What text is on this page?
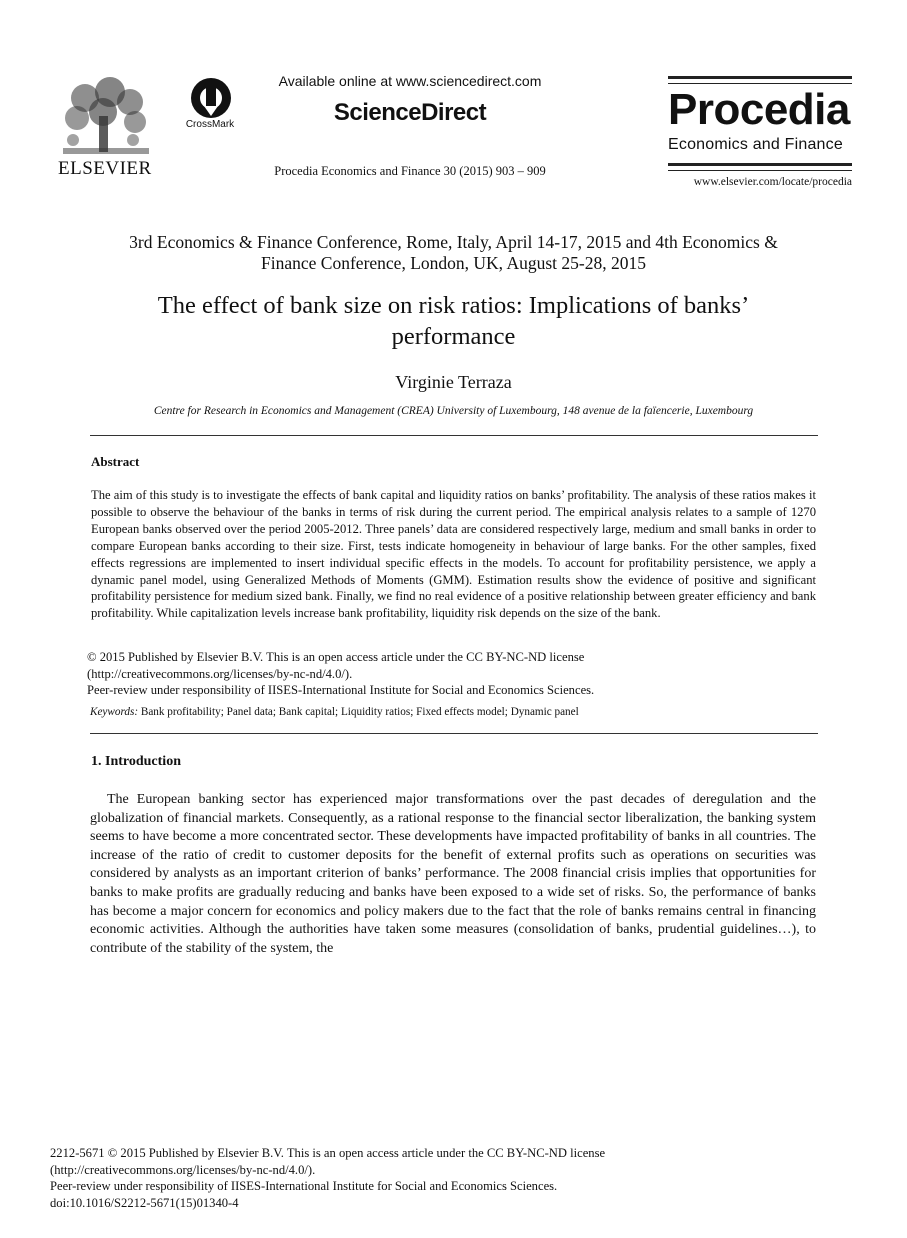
ELSEVIER
CrossMark
Available online at www.sciencedirect.com
ScienceDirect
Procedia Economics and Finance 30 (2015) 903 – 909
Procedia
Economics and Finance
www.elsevier.com/locate/procedia
3rd Economics & Finance Conference, Rome, Italy, April 14-17, 2015 and 4th Economics &
Finance Conference, London, UK, August 25-28, 2015
The effect of bank size on risk ratios: Implications of banks’
performance
Virginie Terraza
Centre for Research in Economics and Management (CREA) University of Luxembourg, 148 avenue de la faïencerie, Luxembourg
Abstract
The aim of this study is to investigate the effects of bank capital and liquidity ratios on banks’ profitability. The analysis of these ratios makes it possible to observe the behaviour of the banks in terms of risk during the current period. The empirical analysis relates to a sample of 1270 European banks observed over the period 2005-2012. Three panels’ data are considered respectively large, medium and small banks in order to compare European banks according to their size. First, tests indicate homogeneity in behaviour of large banks. For the other samples, fixed effects regressions are implemented to insert individual specific effects in the models. To account for profitability persistence, we apply a dynamic panel model, using Generalized Methods of Moments (GMM). Estimation results show the evidence of positive and significant profitability persistence for medium sized bank. Finally, we find no real evidence of a positive relationship between greater efficiency and bank profitability. While capitalization levels increase bank profitability, liquidity risk depends on the size of the bank.
© 2015 Published by Elsevier B.V. This is an open access article under the CC BY-NC-ND license
(http://creativecommons.org/licenses/by-nc-nd/4.0/).
Peer-review under responsibility of IISES-International Institute for Social and Economics Sciences.
Keywords: Bank profitability; Panel data; Bank capital; Liquidity ratios; Fixed effects model; Dynamic panel
1. Introduction
The European banking sector has experienced major transformations over the past decades of deregulation and the globalization of financial markets. Consequently, as a rational response to the financial sector liberalization, the banking system seems to have become a more concentrated sector. These developments have impacted profitability of banks in all countries. The increase of the ratio of credit to customer deposits for the benefit of external profits such as operations on securities was considered by analysts as an important criterion of banks’ performance. The 2008 financial crisis implies that opportunities for banks to make profits are gradually reducing and banks have been exposed to a wide set of risks. So, the performance of banks has become a major concern for economics and policy makers due to the fact that the role of banks remains central in financing economic activities. Although the authorities have taken some measures (consolidation of banks, prudential guidelines…), to contribute of the stability of the system, the
2212-5671 © 2015 Published by Elsevier B.V. This is an open access article under the CC BY-NC-ND license
(http://creativecommons.org/licenses/by-nc-nd/4.0/).
Peer-review under responsibility of IISES-International Institute for Social and Economics Sciences.
doi:10.1016/S2212-5671(15)01340-4
